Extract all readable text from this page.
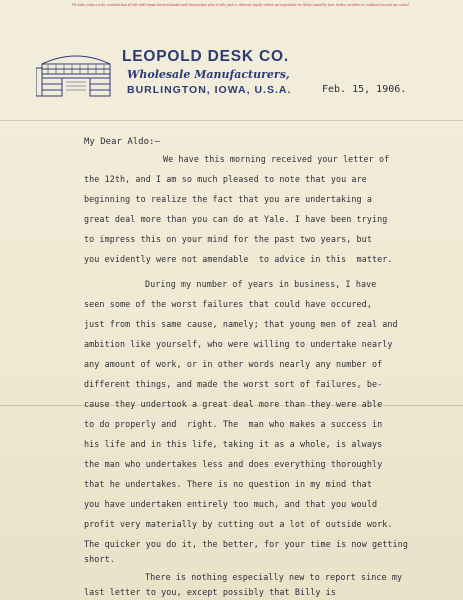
All orders subject to the condition that all title shall remain the merchandise until the purchase price is fully paid or otherwise legally settled; not responsible for delays caused by fires, strikes, accidents or conditions beyond our control
LEOPOLD DESK CO.
Wholesale Manufacturers,
BURLINGTON, IOWA, U.S.A.	Feb. 15, 1906.
My Dear Aldo:—
We have this morning received your letter of
the 12th, and I am so much pleased to note that you are
beginning to realize the fact that you are undertaking a
great deal more than you can do at Yale. I have been trying
to impress this on your mind for the past two years, but
you evidently were not amendable  to advice in this  matter.
During my number of years in business, I have
seen some of the worst failures that could have occured,
just from this same cause, namely; that young men of zeal and
ambition like yourself, who were willing to undertake nearly
any amount of work, or in other words nearly any number of
different things, and made the worst sort of failures, be-
cause they undertook a great deal more than they were able
to do properly and  right. The  man who makes a success in
his life and in this life, taking it as a whole, is always
the man who undertakes less and does everything thoroughly
that he undertakes. There is no question in my mind that
you have undertaken entirely too much, and that you would
profit very materially by cutting out a lot of outside work.
The quicker you do it, the better, for your time is now getting
short.
There is nothing especially new to report since my
last letter to you, except possibly that Billy is
